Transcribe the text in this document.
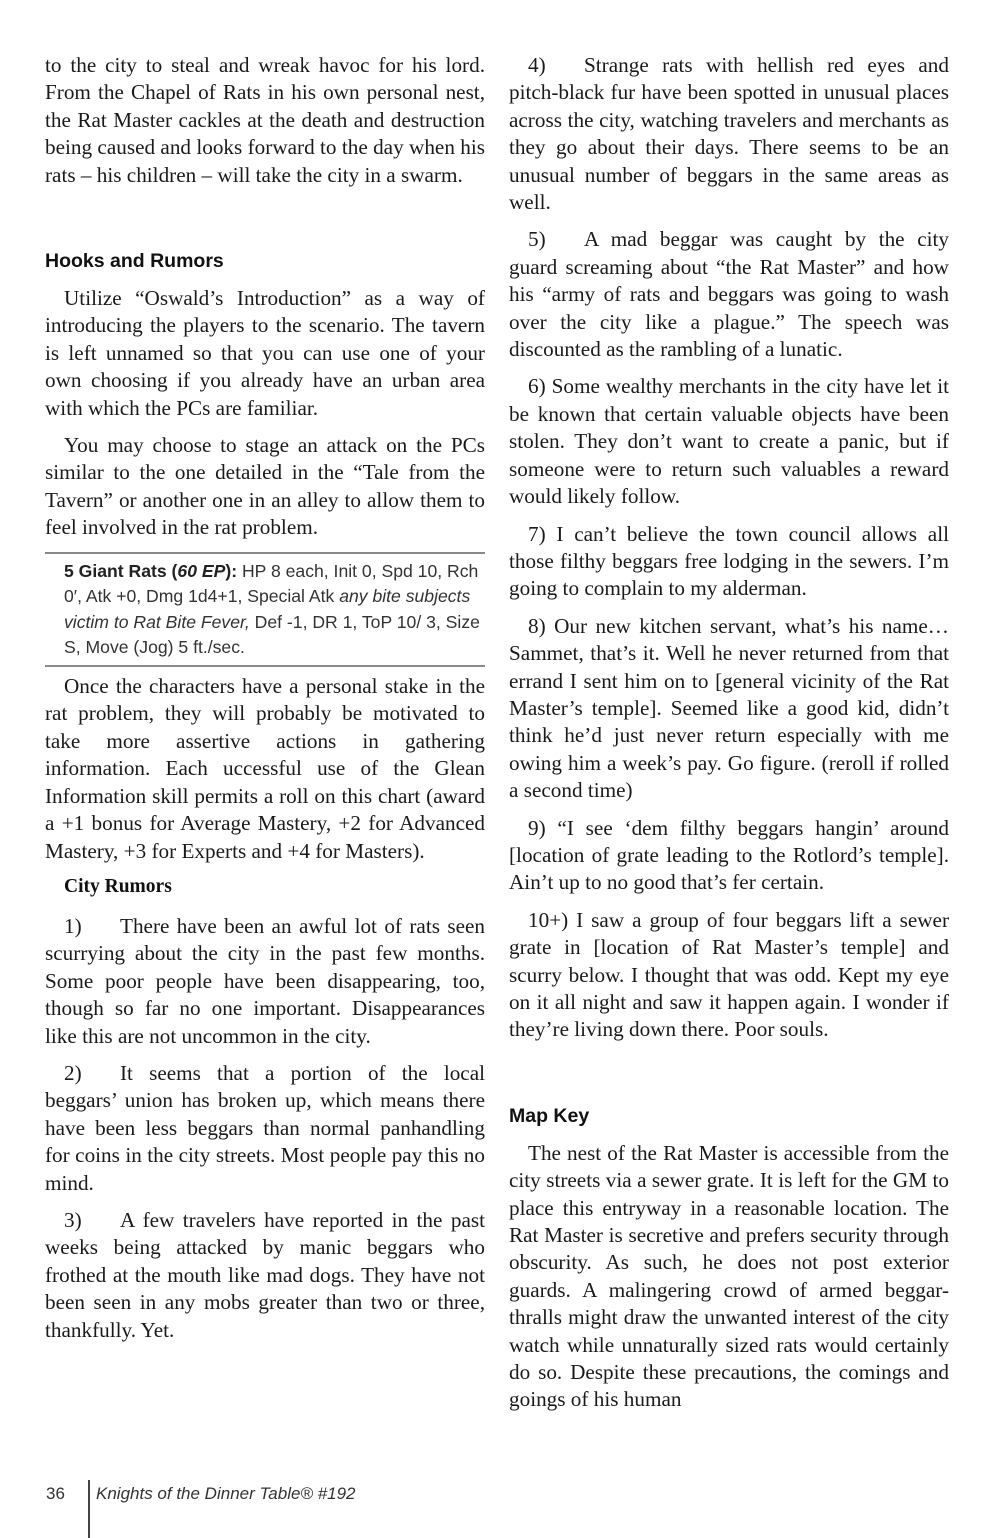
to the city to steal and wreak havoc for his lord. From the Chapel of Rats in his own personal nest, the Rat Master cackles at the death and destruction being caused and looks forward to the day when his rats – his children – will take the city in a swarm.

Hooks and Rumors

Utilize “Oswald’s Introduction” as a way of introducing the players to the scenario. The tavern is left unnamed so that you can use one of your own choosing if you already have an urban area with which the PCs are familiar.

You may choose to stage an attack on the PCs similar to the one detailed in the “Tale from the Tavern” or another one in an alley to allow them to feel involved in the rat problem.

5 Giant Rats (60 EP): HP 8 each, Init 0, Spd 10, Rch 0′, Atk +0, Dmg 1d4+1, Special Atk any bite subjects victim to Rat Bite Fever, Def -1, DR 1, ToP 10/ 3, Size S, Move (Jog) 5 ft./sec.

Once the characters have a personal stake in the rat problem, they will probably be motivated to take more assertive actions in gathering information. Each uccessful use of the Glean Information skill permits a roll on this chart (award a +1 bonus for Average Mastery, +2 for Advanced Mastery, +3 for Experts and +4 for Masters).

City Rumors

1) There have been an awful lot of rats seen scurrying about the city in the past few months. Some poor people have been disappearing, too, though so far no one important. Disappearances like this are not uncommon in the city.

2) It seems that a portion of the local beggars’ union has broken up, which means there have been less beggars than normal panhandling for coins in the city streets. Most people pay this no mind.

3) A few travelers have reported in the past weeks being attacked by manic beggars who frothed at the mouth like mad dogs. They have not been seen in any mobs greater than two or three, thankfully. Yet.

4) Strange rats with hellish red eyes and pitch-black fur have been spotted in unusual places across the city, watching travelers and merchants as they go about their days. There seems to be an unusual number of beggars in the same areas as well.

5) A mad beggar was caught by the city guard screaming about “the Rat Master” and how his “army of rats and beggars was going to wash over the city like a plague.” The speech was discounted as the rambling of a lunatic.

6) Some wealthy merchants in the city have let it be known that certain valuable objects have been stolen. They don’t want to create a panic, but if someone were to return such valuables a reward would likely follow.

7) I can’t believe the town council allows all those filthy beggars free lodging in the sewers. I’m going to complain to my alderman.

8) Our new kitchen servant, what’s his name… Sammet, that’s it. Well he never returned from that errand I sent him on to [general vicinity of the Rat Master’s temple]. Seemed like a good kid, didn’t think he’d just never return especially with me owing him a week’s pay. Go figure. (reroll if rolled a second time)

9) “I see ‘dem filthy beggars hangin’ around [location of grate leading to the Rotlord’s temple]. Ain’t up to no good that’s fer certain.

10+) I saw a group of four beggars lift a sewer grate in [location of Rat Master’s temple] and scurry below. I thought that was odd. Kept my eye on it all night and saw it happen again. I wonder if they’re living down there. Poor souls.

Map Key

The nest of the Rat Master is accessible from the city streets via a sewer grate. It is left for the GM to place this entryway in a reasonable location. The Rat Master is secretive and prefers security through obscurity. As such, he does not post exterior guards. A malingering crowd of armed beggar-thralls might draw the unwanted interest of the city watch while unnaturally sized rats would certainly do so. Despite these precautions, the comings and goings of his human

36 Knights of the Dinner Table® #192
